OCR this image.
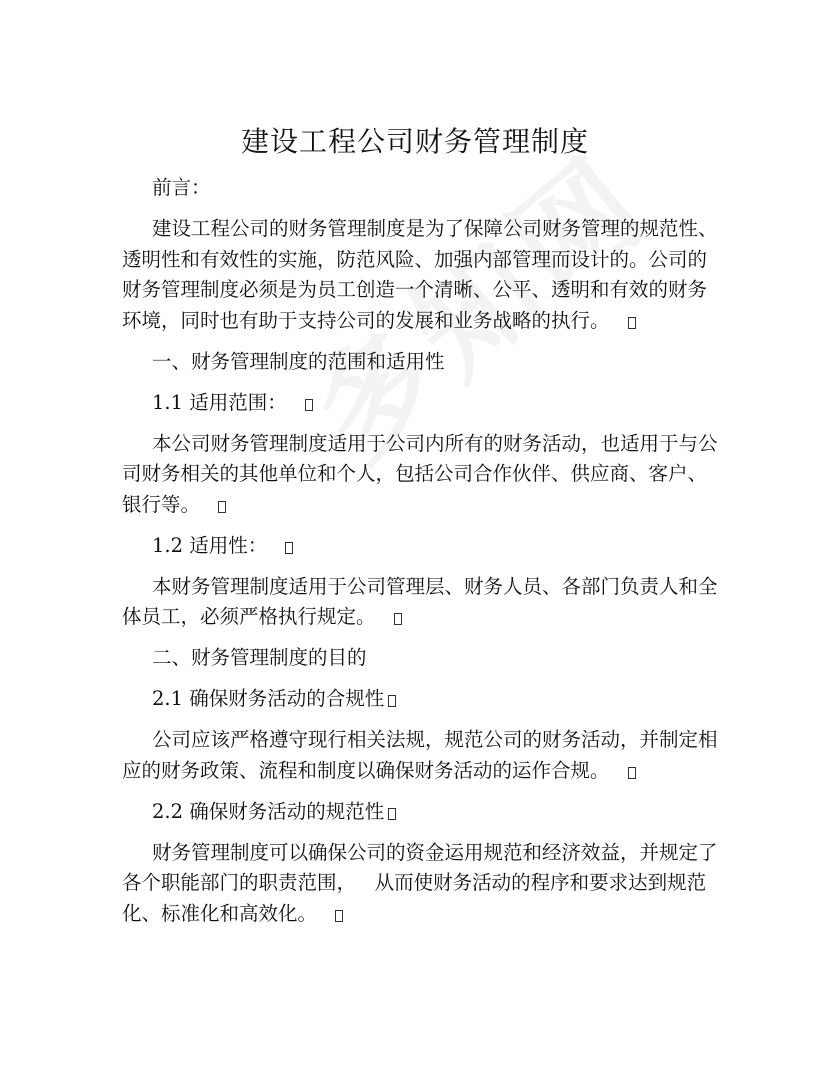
建设工程公司财务管理制度

前言：

建设工程公司的财务管理制度是为了保障公司财务管理的规范性、透明性和有效性的实施，防范风险、加强内部管理而设计的。公司的财务管理制度必须是为员工创造一个清晰、公平、透明和有效的财务环境，同时也有助于支持公司的发展和业务战略的执行。

一、财务管理制度的范围和适用性

1.1 适用范围：

本公司财务管理制度适用于公司内所有的财务活动，也适用于与公司财务相关的其他单位和个人，包括公司合作伙伴、供应商、客户、银行等。

1.2 适用性：

本财务管理制度适用于公司管理层、财务人员、各部门负责人和全体员工，必须严格执行规定。

二、财务管理制度的目的

2.1 确保财务活动的合规性

公司应该严格遵守现行相关法规，规范公司的财务活动，并制定相应的财务政策、流程和制度以确保财务活动的运作合规。

2.2 确保财务活动的规范性

财务管理制度可以确保公司的资金运用规范和经济效益，并规定了各个职能部门的职责范围，   从而使财务活动的程序和要求达到规范化、标准化和高效化。
